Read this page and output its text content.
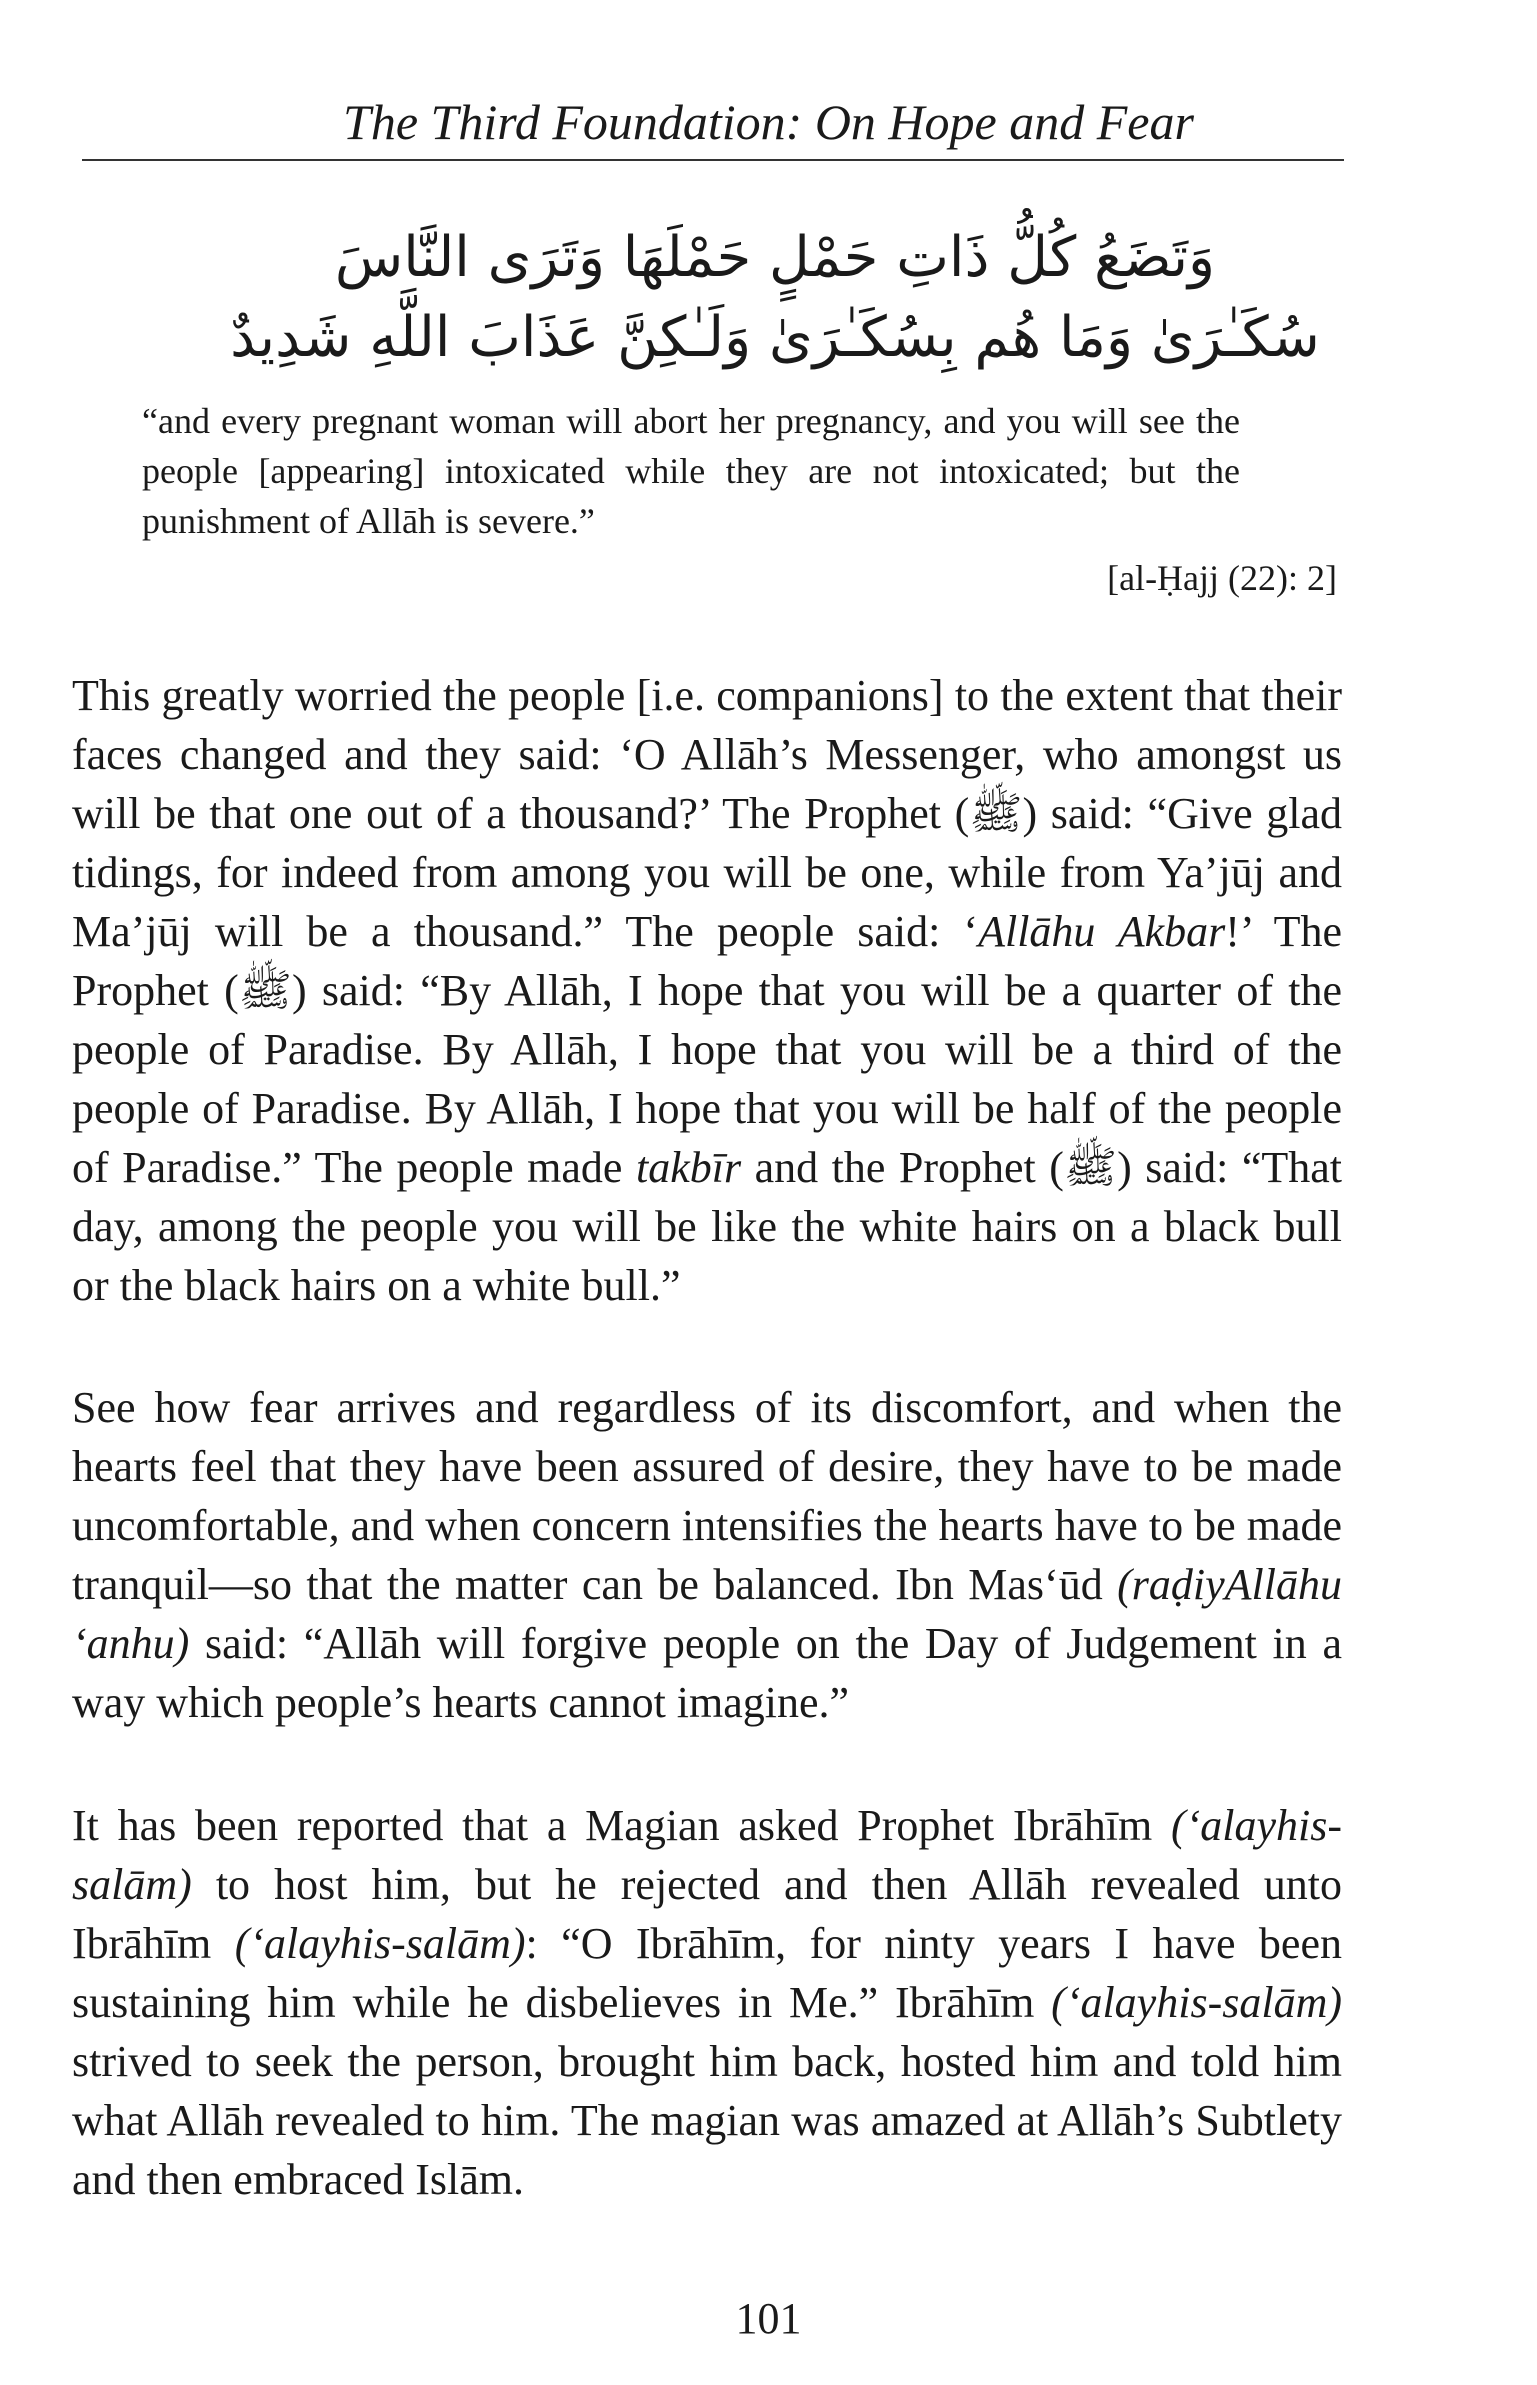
The Third Foundation: On Hope and Fear
وَتَضَعُ كُلُّ ذَاتِ حَمْلٍ حَمْلَهَا وَتَرَى النَّاسَ
سُكَـٰرَىٰ وَمَا هُم بِسُكَـٰرَىٰ وَلَـٰكِنَّ عَذَابَ اللَّهِ شَدِيدٌ
“and every pregnant woman will abort her pregnancy, and you will see the people [appearing] intoxicated while they are not intoxicated; but the punishment of Allāh is severe.”
[al-Ḥajj (22): 2]
This greatly worried the people [i.e. companions] to the extent that their faces changed and they said: ‘O Allāh’s Messenger, who amongst us will be that one out of a thousand?’ The Prophet (ﷺ) said: “Give glad tidings, for indeed from among you will be one, while from Ya’jūj and Ma’jūj will be a thousand.” The people said: ‘Allāhu Akbar!’ The Prophet (ﷺ) said: “By Allāh, I hope that you will be a quarter of the people of Paradise. By Allāh, I hope that you will be a third of the people of Paradise. By Allāh, I hope that you will be half of the people of Paradise.” The people made takbīr and the Prophet (ﷺ) said: “That day, among the people you will be like the white hairs on a black bull or the black hairs on a white bull.”
See how fear arrives and regardless of its discomfort, and when the hearts feel that they have been assured of desire, they have to be made uncomfortable, and when concern intensifies the hearts have to be made tranquil—so that the matter can be balanced. Ibn Mas‘ūd (raḍiyAllāhu ‘anhu) said: “Allāh will forgive people on the Day of Judgement in a way which people’s hearts cannot imagine.”
It has been reported that a Magian asked Prophet Ibrāhīm (‘alayhis-salām) to host him, but he rejected and then Allāh revealed unto Ibrāhīm (‘alayhis-salām): “O Ibrāhīm, for ninty years I have been sustaining him while he disbelieves in Me.” Ibrāhīm (‘alayhis-salām) strived to seek the person, brought him back, hosted him and told him what Allāh revealed to him. The magian was amazed at Allāh’s Subtlety and then embraced Islām.
101
